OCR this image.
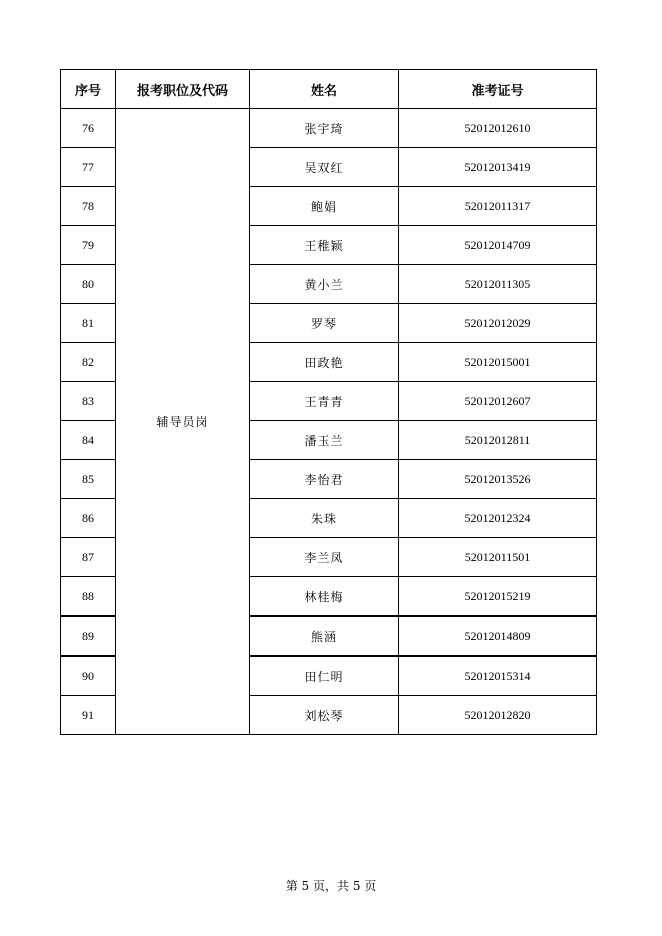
序号	报考职位及代码	姓名	准考证号
76	辅导员岗	张宇琦	52012012610
77		吴双红	52012013419
78		鲍娟	52012011317
79		王稚颖	52012014709
80		黄小兰	52012011305
81		罗琴	52012012029
82		田政艳	52012015001
83		王青青	52012012607
84		潘玉兰	52012012811
85		李怡君	52012013526
86		朱珠	52012012324
87		李兰凤	52012011501
88		林桂梅	52012015219
89		熊涵	52012014809
90		田仁明	52012015314
91		刘松琴	52012012820
第 5 页，共 5 页
